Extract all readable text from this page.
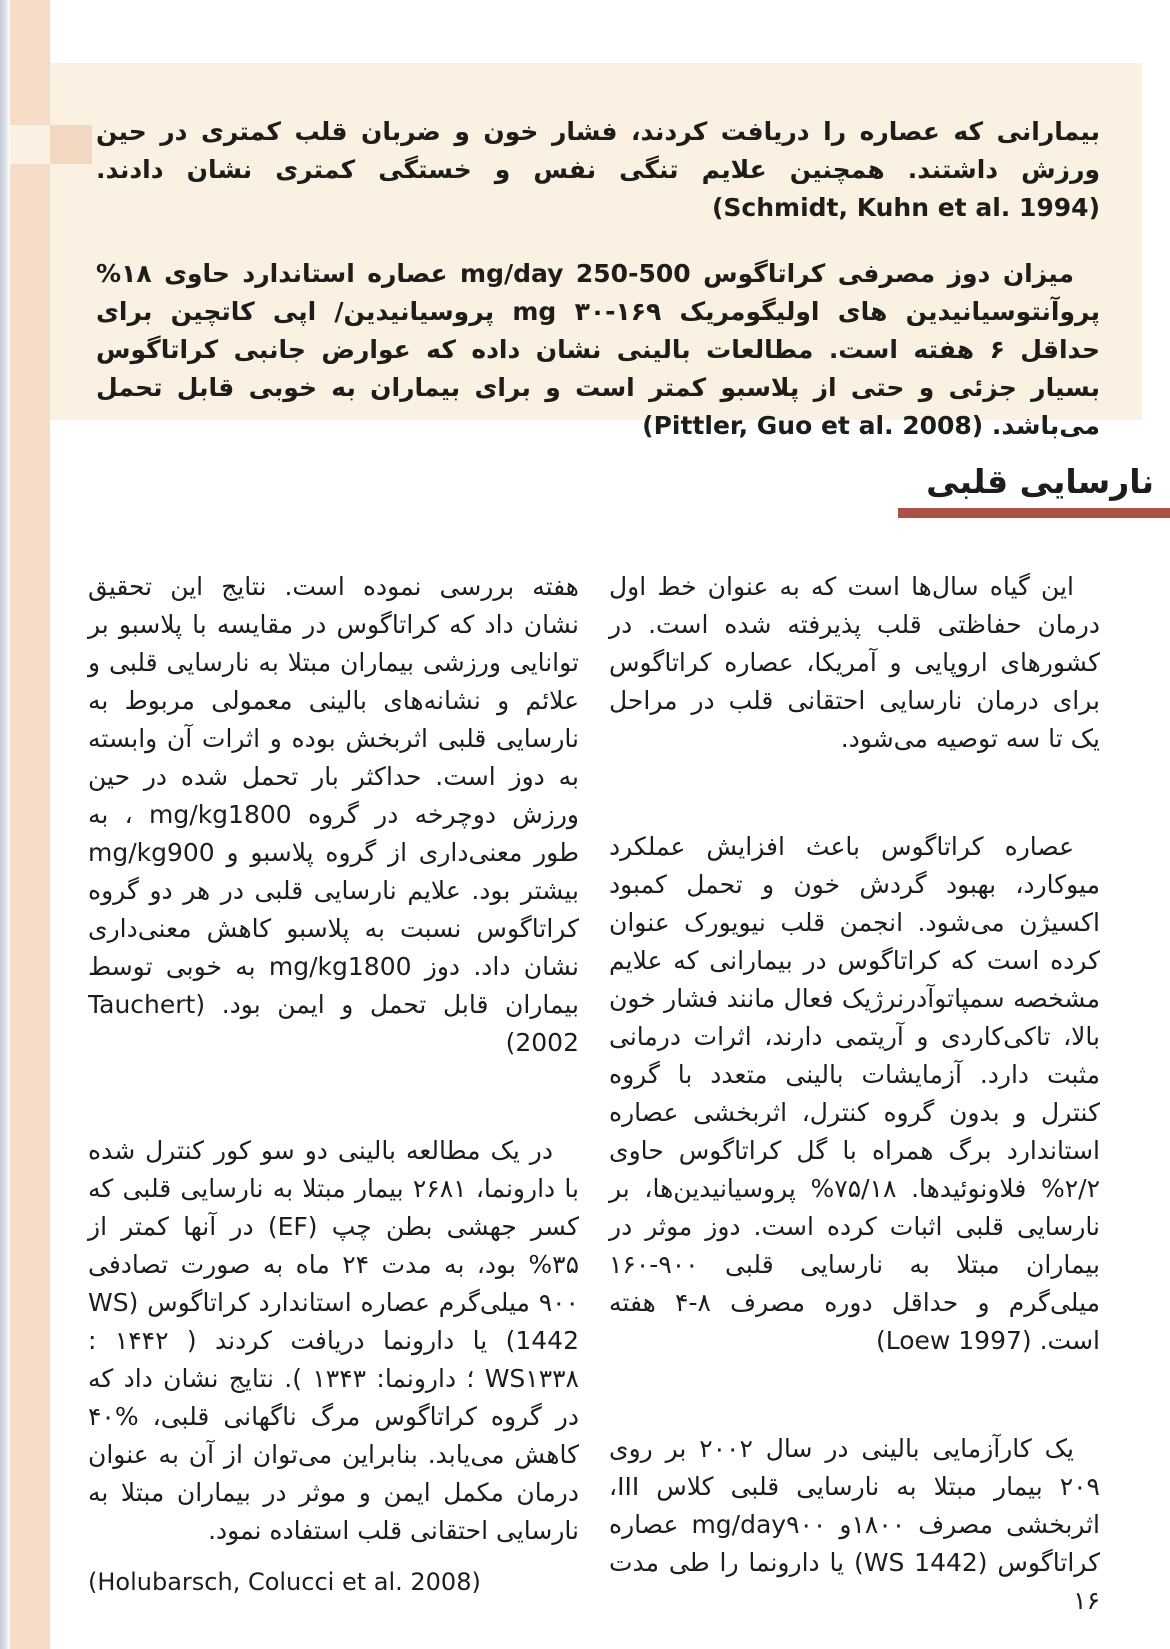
بیمارانی که عصاره را دریافت کردند، فشار خون و ضربان قلب کمتری در حین ورزش داشتند. همچنین علایم تنگی نفس و خستگی کمتری نشان دادند. (Schmidt, Kuhn et al. 1994)

میزان دوز مصرفی کراتاگوس mg/day 250-500 عصاره استاندارد حاوی ۱۸% پروآنتوسیانیدین های اولیگومریک ۱۶۹-۳۰ mg پروسیانیدین/ اپی کاتچین برای حداقل ۶ هفته است. مطالعات بالینی نشان داده که عوارض جانبی کراتاگوس بسیار جزئی و حتی از پلاسبو کمتر است و برای بیماران به خوبی قابل تحمل می‌باشد. (Pittler, Guo et al. 2008)

نارسایی قلبی

این گیاه سال‌ها است که به عنوان خط اول درمان حفاظتی قلب پذیرفته شده است. در کشورهای اروپایی و آمریکا، عصاره کراتاگوس برای درمان نارسایی احتقانی قلب در مراحل یک تا سه توصیه می‌شود.

عصاره کراتاگوس باعث افزایش عملکرد میوکارد، بهبود گردش خون و تحمل کمبود اکسیژن می‌شود. انجمن قلب نیویورک عنوان کرده است که کراتاگوس در بیمارانی که علایم مشخصه سمپاتوآدرنرژیک فعال مانند فشار خون بالا، تاکی‌کاردی و آریتمی دارند، اثرات درمانی مثبت دارد. آزمایشات بالینی متعدد با گروه کنترل و بدون گروه کنترل، اثربخشی عصاره استاندارد برگ همراه با گل کراتاگوس حاوی ۲/۲% فلاونوئیدها. ۷۵/۱۸% پروسیانیدین‌ها، بر نارسایی قلبی اثبات کرده است. دوز موثر در بیماران مبتلا به نارسایی قلبی ۹۰۰-۱۶۰ میلی‌گرم و حداقل دوره مصرف ۸-۴ هفته است. (Loew 1997)

یک کارآزمایی بالینی در سال ۲۰۰۲ بر روی ۲۰۹ بیمار مبتلا به نارسایی قلبی کلاس III، اثربخشی مصرف ۱۸۰۰و mg/day۹۰۰ عصاره کراتاگوس (WS 1442) یا دارونما را طی مدت ۱۶

هفته بررسی نموده است. نتایج این تحقیق نشان داد که کراتاگوس در مقایسه با پلاسبو بر توانایی ورزشی بیماران مبتلا به نارسایی قلبی و علائم و نشانه‌های بالینی معمولی مربوط به نارسایی قلبی اثربخش بوده و اثرات آن وابسته به دوز است. حداکثر بار تحمل شده در حین ورزش دوچرخه در گروه mg/kg1800 ، به طور معنی‌داری از گروه پلاسبو و mg/kg900 بیشتر بود. علایم نارسایی قلبی در هر دو گروه کراتاگوس نسبت به پلاسبو کاهش معنی‌داری نشان داد. دوز mg/kg1800 به خوبی توسط بیماران قابل تحمل و ایمن بود. (Tauchert 2002)

در یک مطالعه بالینی دو سو کور کنترل شده با دارونما، ۲۶۸۱ بیمار مبتلا به نارسایی قلبی که کسر جهشی بطن چپ (EF) در آنها کمتر از ۳۵% بود، به مدت ۲۴ ماه به صورت تصادفی ۹۰۰ میلی‌گرم عصاره استاندارد کراتاگوس (WS 1442) یا دارونما دریافت کردند ( ۱۴۴۲ : WS۱۳۳۸ ؛ دارونما: ۱۳۴۳ ). نتایج نشان داد که در گروه کراتاگوس مرگ ناگهانی قلبی، %۴۰ کاهش می‌یابد. بنابراین می‌توان از آن به عنوان درمان مکمل ایمن و موثر در بیماران مبتلا به نارسایی احتقانی قلب استفاده نمود.

(Holubarsch, Colucci et al. 2008)
